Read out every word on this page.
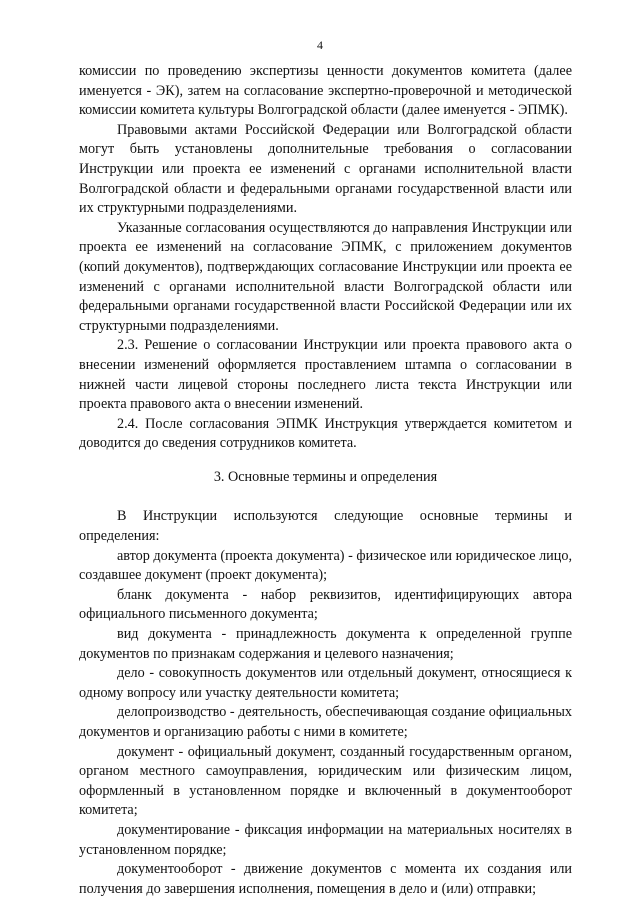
4

комиссии по проведению экспертизы ценности документов комитета (далее именуется - ЭК), затем на согласование экспертно-проверочной и методической комиссии комитета культуры Волгоградской области (далее именуется - ЭПМК).

Правовыми актами Российской Федерации или Волгоградской области могут быть установлены дополнительные требования о согласовании Инструкции или проекта ее изменений с органами исполнительной власти Волгоградской области и федеральными органами государственной власти или их структурными подразделениями.

Указанные согласования осуществляются до направления Инструкции или проекта ее изменений на согласование ЭПМК, с приложением документов (копий документов), подтверждающих согласование Инструкции или проекта ее изменений с органами исполнительной власти Волгоградской области или федеральными органами государственной власти Российской Федерации или их структурными подразделениями.

2.3. Решение о согласовании Инструкции или проекта правового акта о внесении изменений оформляется проставлением штампа о согласовании в нижней части лицевой стороны последнего листа текста Инструкции или проекта правового акта о внесении изменений.

2.4. После согласования ЭПМК Инструкция утверждается комитетом и доводится до сведения сотрудников комитета.

3. Основные термины и определения

В Инструкции используются следующие основные термины и определения:

автор документа (проекта документа) - физическое или юридическое лицо, создавшее документ (проект документа);

бланк документа - набор реквизитов, идентифицирующих автора официального письменного документа;

вид документа - принадлежность документа к определенной группе документов по признакам содержания и целевого назначения;

дело - совокупность документов или отдельный документ, относящиеся к одному вопросу или участку деятельности комитета;

делопроизводство - деятельность, обеспечивающая создание официальных документов и организацию работы с ними в комитете;

документ - официальный документ, созданный государственным органом, органом местного самоуправления, юридическим или физическим лицом, оформленный в установленном порядке и включенный в документооборот комитета;

документирование - фиксация информации на материальных носителях в установленном порядке;

документооборот - движение документов с момента их создания или получения до завершения исполнения, помещения в дело и (или) отправки;
